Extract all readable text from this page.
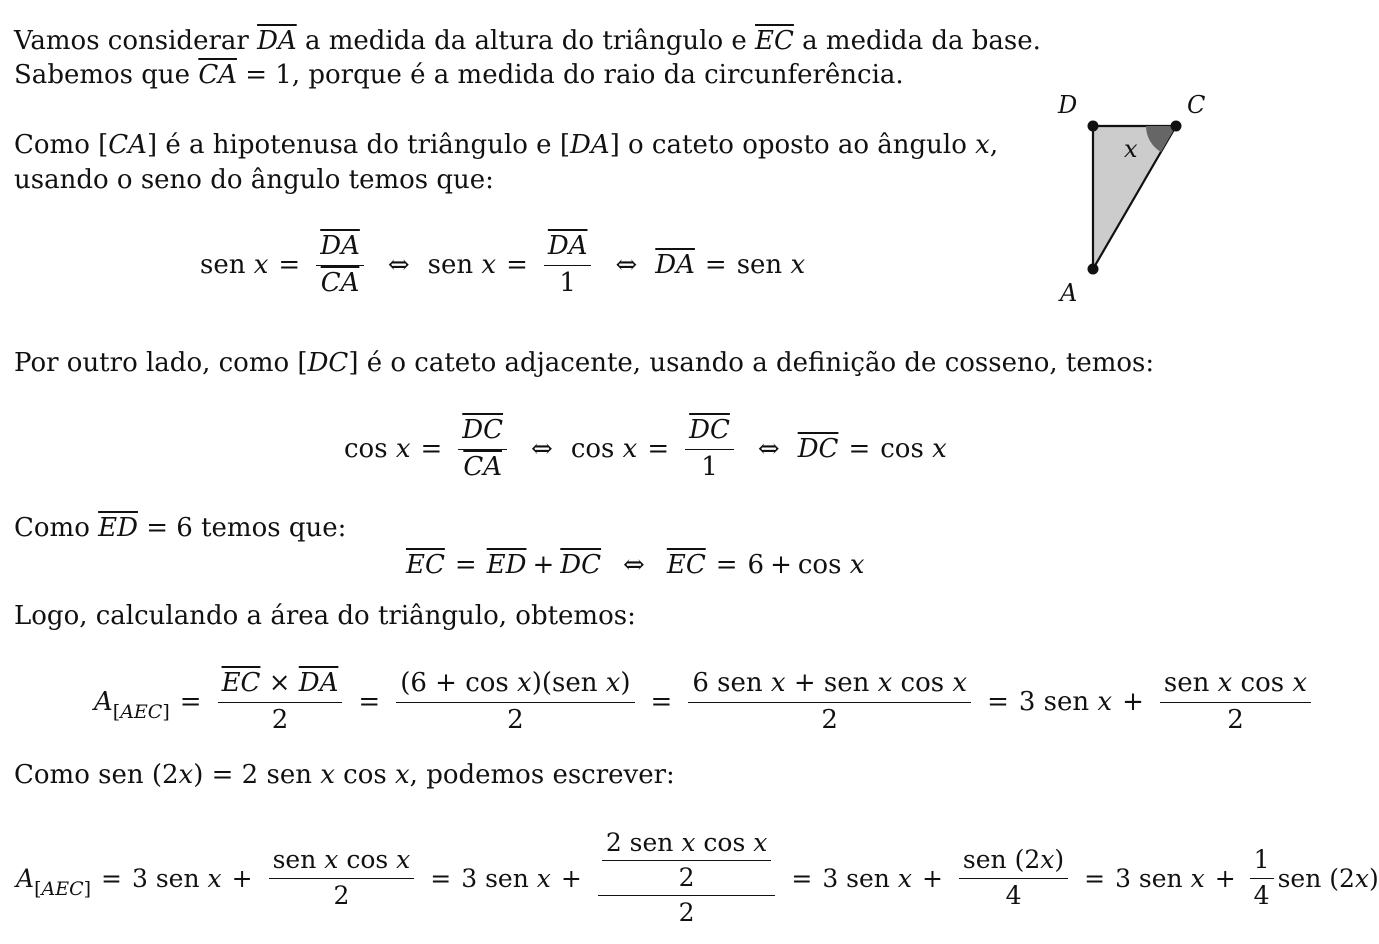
Vamos considerar $\overline{DA}$ a medida da altura do triângulo e $\overline{EC}$ a medida da base.
Sabemos que $\overline{CA} = 1$, porque é a medida do raio da circunferência.
Como [CA] é a hipotenusa do triângulo e [DA] o cateto oposto ao ângulo x,
usando o seno do ângulo temos que:
sen $x = \frac{\overline{DA}}{CA}$ ⇔ sen $x = \frac{\overline{DA}}{1}$ ⇔ $\overline{DA}$ = sen x
D	C
A
x
Por outro lado, como [DC] é o cateto adjacente, usando a definição de cosseno, temos:
$\cos x = \frac{\overline{DC}}{CA}$ ⇔ $\cos x = \frac{\overline{DC}}{1}$ ⇔ $\overline{DC} = \cos x$
Como $\overline{ED} = 6$ temos que:
$\overline{EC} = \overline{ED} + \overline{DC}$ ⇔ $\overline{EC} = 6 + \cos x$
Logo, calculando a área do triângulo, obtemos:
$A_{[AEC]} = \frac{\overline{EC} \times \overline{DA}}{2} = \frac{\text{(6 + cos x)(sen x)}}{2} = \frac{\text{6 sen x + sen x cos x}}{2} = 3$ sen $x + \frac{\text{sen x cos x}}{2}$
Como sen (2x) = 2 sen x cos x, podemos escrever:
$A_{[AEC]} = 3$ sen $x + \frac{\text{sen x cos x}}{2} = 3$ sen $x + \frac{\frac{\text{2 sen x cos x}}{2}}{2} = 3$ sen $x + \frac{\text{sen (2x)}}{4} = 3$ sen $x + \frac{1}{4}$ sen (2x)
